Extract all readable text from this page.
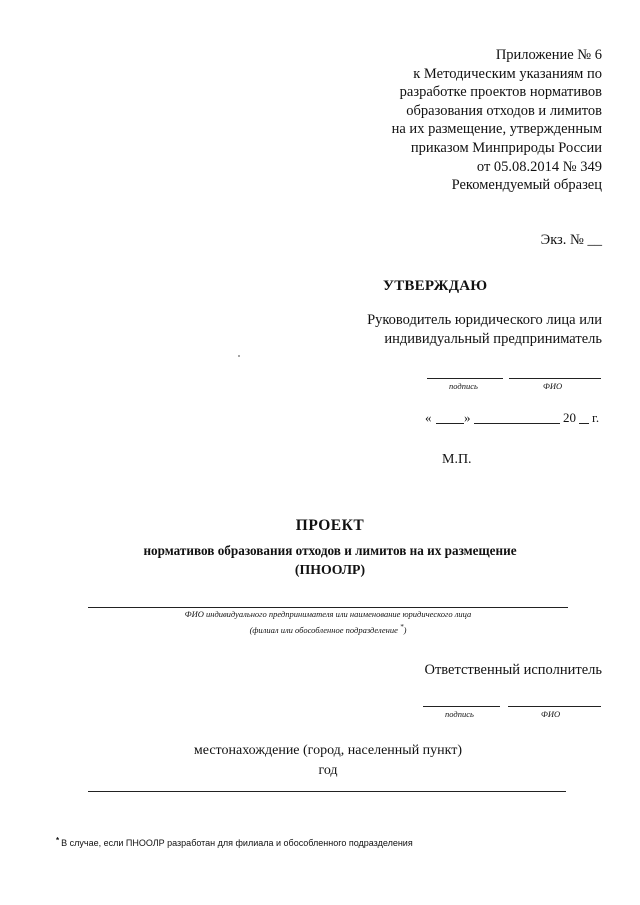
Приложение № 6
к Методическим указаниям по
разработке проектов нормативов
образования отходов и лимитов
на их размещение, утвержденным
приказом Минприроды России
от 05.08.2014 № 349
Рекомендуемый образец
Экз. № __
УТВЕРЖДАЮ
Руководитель юридического лица или
индивидуальный предприниматель
подпись	ФИО
«	»	20 г.
М.П.
ПРОЕКТ
нормативов образования отходов и лимитов на их размещение
(ПНООЛР)
ФИО индивидуального предпринимателя или наименование юридического лица
(филиал или обособленное подразделение *)
Ответственный исполнитель
подпись	ФИО
местонахождение (город, населенный пункт)
год
* В случае, если ПНООЛР разработан для филиала и обособленного подразделения
